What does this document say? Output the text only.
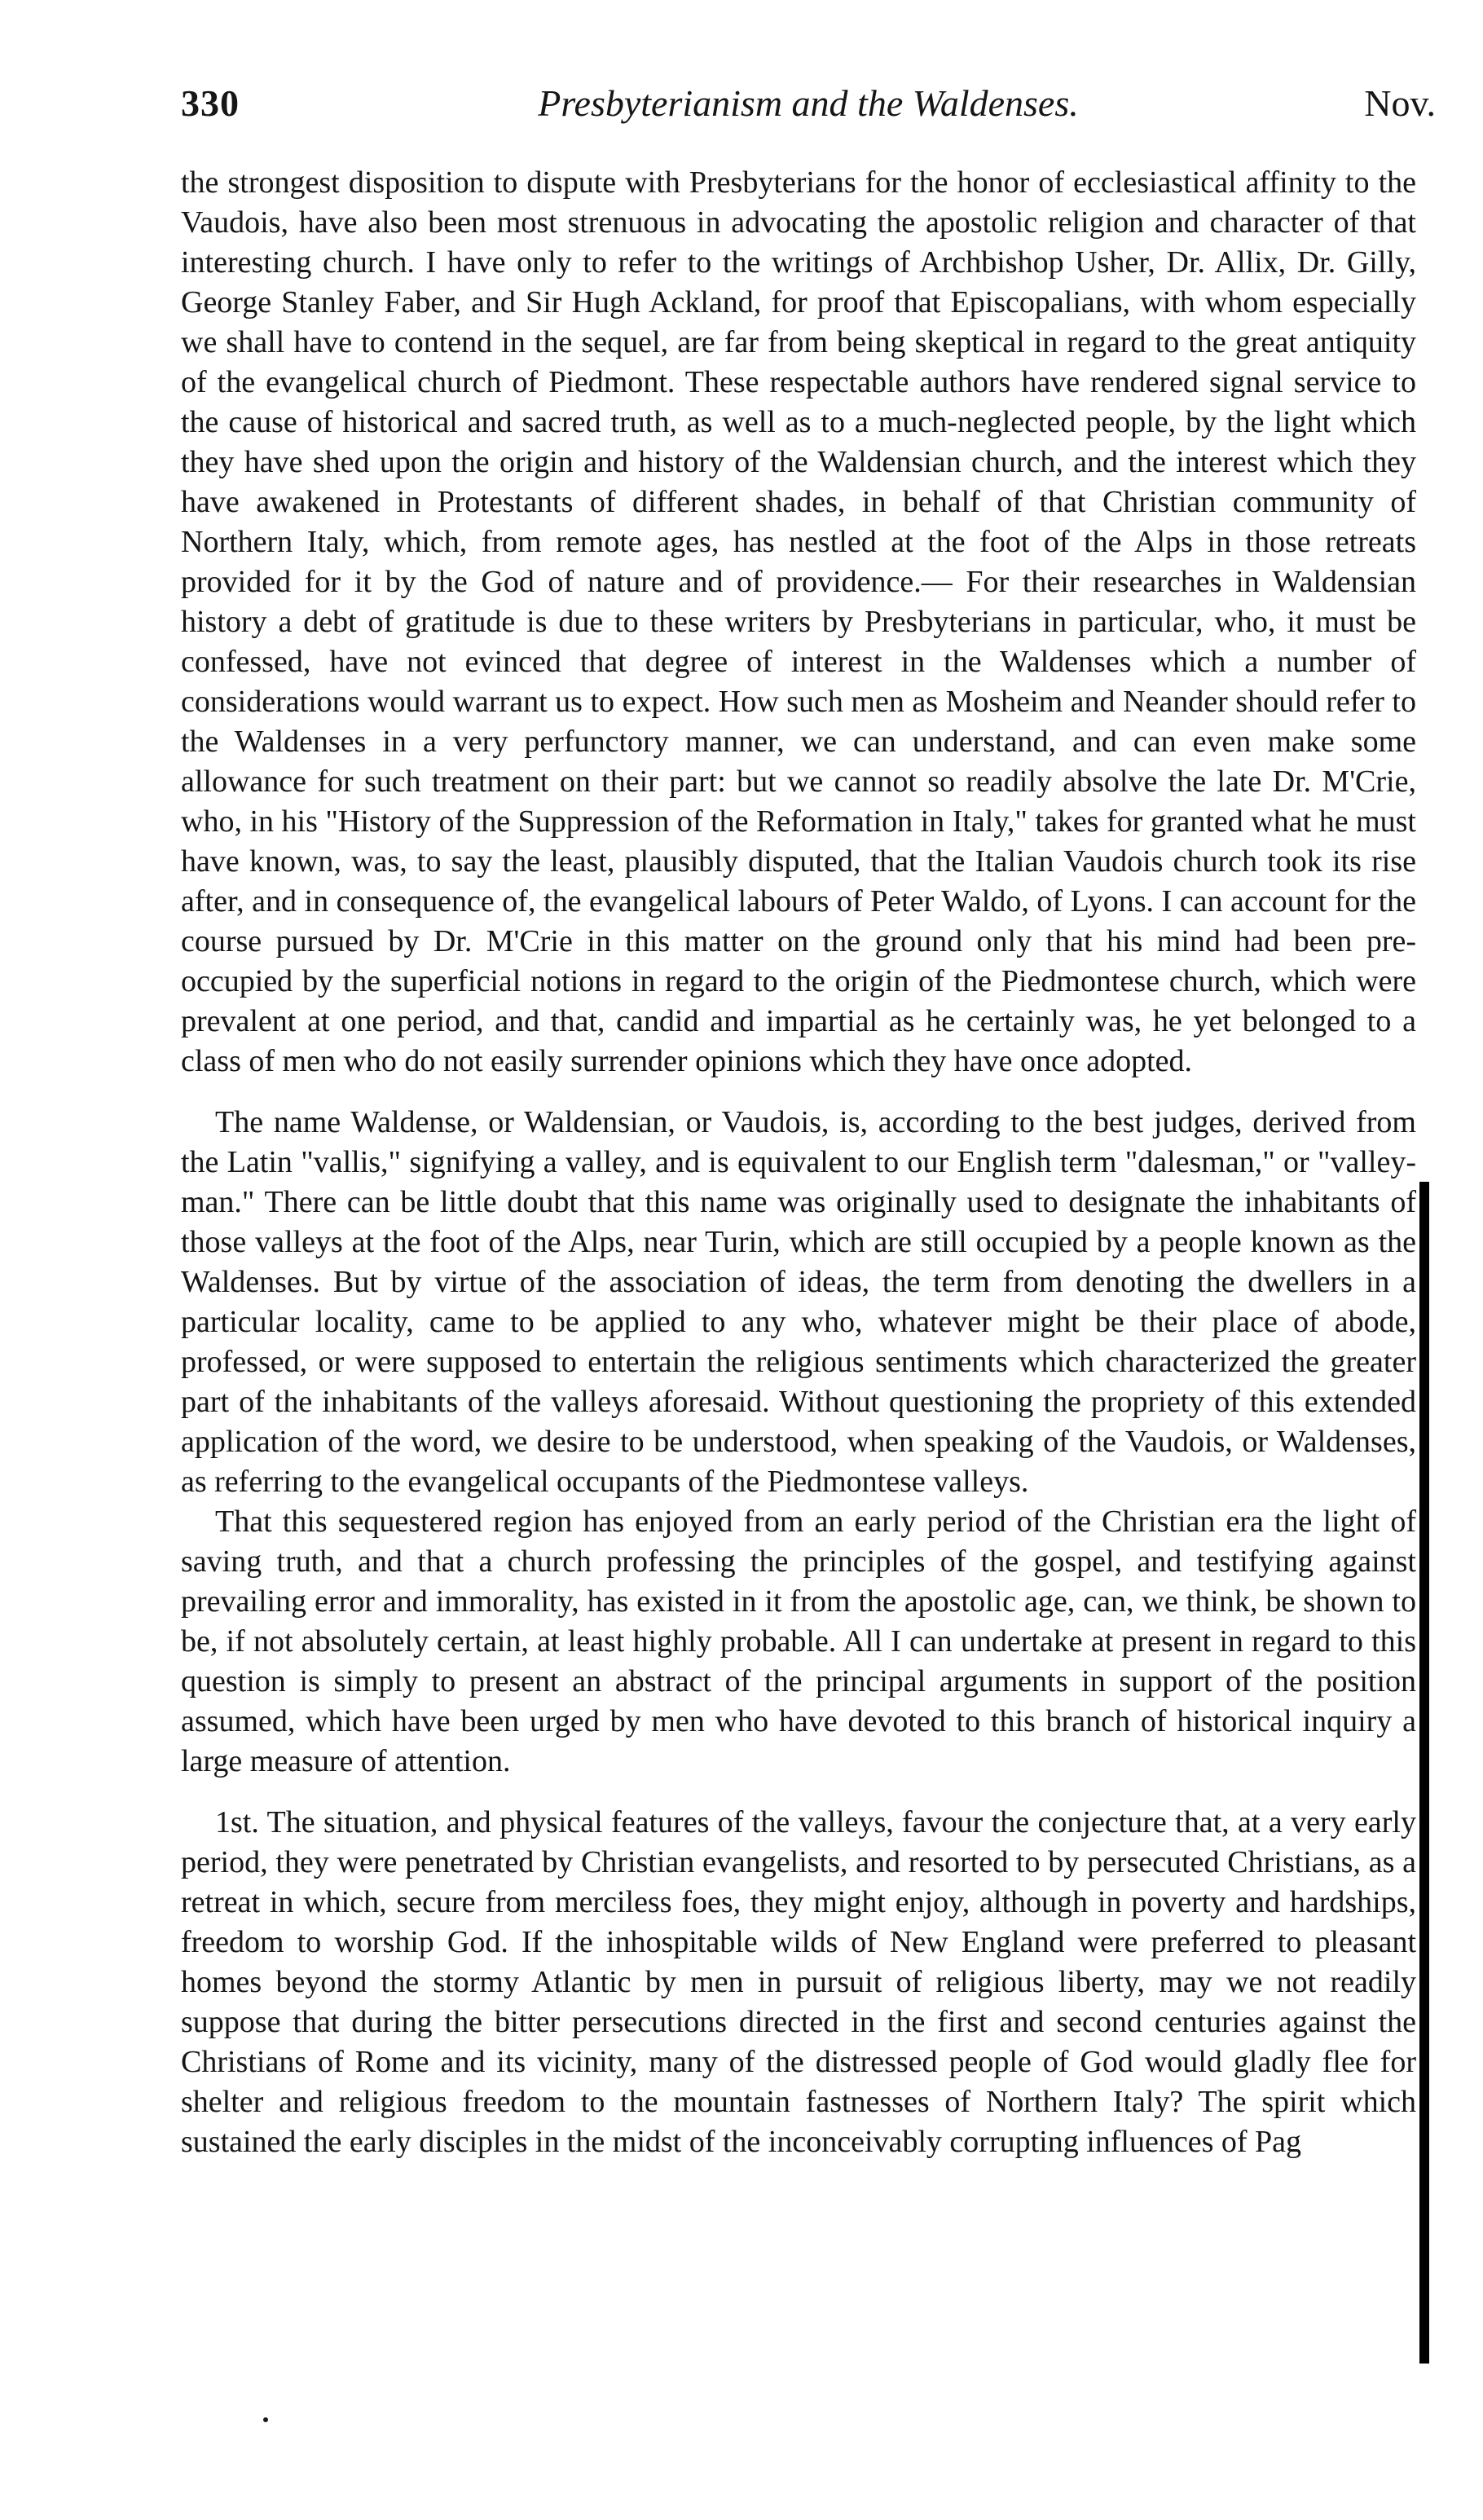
330	Presbyterianism and the Waldenses.	Nov.

the strongest disposition to dispute with Presbyterians for the honor of ecclesiastical affinity to the Vaudois, have also been most strenuous in advocating the apostolic religion and character of that interesting church. I have only to refer to the writings of Archbishop Usher, Dr. Allix, Dr. Gilly, George Stanley Faber, and Sir Hugh Ackland, for proof that Episcopalians, with whom especially we shall have to contend in the sequel, are far from being skeptical in regard to the great antiquity of the evangelical church of Piedmont. These respectable authors have rendered signal service to the cause of historical and sacred truth, as well as to a much-neglected people, by the light which they have shed upon the origin and history of the Waldensian church, and the interest which they have awakened in Protestants of different shades, in behalf of that Christian community of Northern Italy, which, from remote ages, has nestled at the foot of the Alps in those retreats provided for it by the God of nature and of providence.— For their researches in Waldensian history a debt of gratitude is due to these writers by Presbyterians in particular, who, it must be confessed, have not evinced that degree of interest in the Waldenses which a number of considerations would warrant us to expect. How such men as Mosheim and Neander should refer to the Waldenses in a very perfunctory manner, we can understand, and can even make some allowance for such treatment on their part: but we cannot so readily absolve the late Dr. M'Crie, who, in his "History of the Suppression of the Reformation in Italy," takes for granted what he must have known, was, to say the least, plausibly disputed, that the Italian Vaudois church took its rise after, and in consequence of, the evangelical labours of Peter Waldo, of Lyons. I can account for the course pursued by Dr. M'Crie in this matter on the ground only that his mind had been pre-occupied by the superficial notions in regard to the origin of the Piedmontese church, which were prevalent at one period, and that, candid and impartial as he certainly was, he yet belonged to a class of men who do not easily surrender opinions which they have once adopted.

The name Waldense, or Waldensian, or Vaudois, is, according to the best judges, derived from the Latin "vallis," signifying a valley, and is equivalent to our English term "dalesman," or "valley-man." There can be little doubt that this name was originally used to designate the inhabitants of those valleys at the foot of the Alps, near Turin, which are still occupied by a people known as the Waldenses. But by virtue of the association of ideas, the term from denoting the dwellers in a particular locality, came to be applied to any who, whatever might be their place of abode, professed, or were supposed to entertain the religious sentiments which characterized the greater part of the inhabitants of the valleys aforesaid. Without questioning the propriety of this extended application of the word, we desire to be understood, when speaking of the Vaudois, or Waldenses, as referring to the evangelical occupants of the Piedmontese valleys.

That this sequestered region has enjoyed from an early period of the Christian era the light of saving truth, and that a church professing the principles of the gospel, and testifying against prevailing error and immorality, has existed in it from the apostolic age, can, we think, be shown to be, if not absolutely certain, at least highly probable. All I can undertake at present in regard to this question is simply to present an abstract of the principal arguments in support of the position assumed, which have been urged by men who have devoted to this branch of historical inquiry a large measure of attention.

1st. The situation, and physical features of the valleys, favour the conjecture that, at a very early period, they were penetrated by Christian evangelists, and resorted to by persecuted Christians, as a retreat in which, secure from merciless foes, they might enjoy, although in poverty and hardships, freedom to worship God. If the inhospitable wilds of New England were preferred to pleasant homes beyond the stormy Atlantic by men in pursuit of religious liberty, may we not readily suppose that during the bitter persecutions directed in the first and second centuries against the Christians of Rome and its vicinity, many of the distressed people of God would gladly flee for shelter and religious freedom to the mountain fastnesses of Northern Italy? The spirit which sustained the early disciples in the midst of the inconceivably corrupting influences of Pag
